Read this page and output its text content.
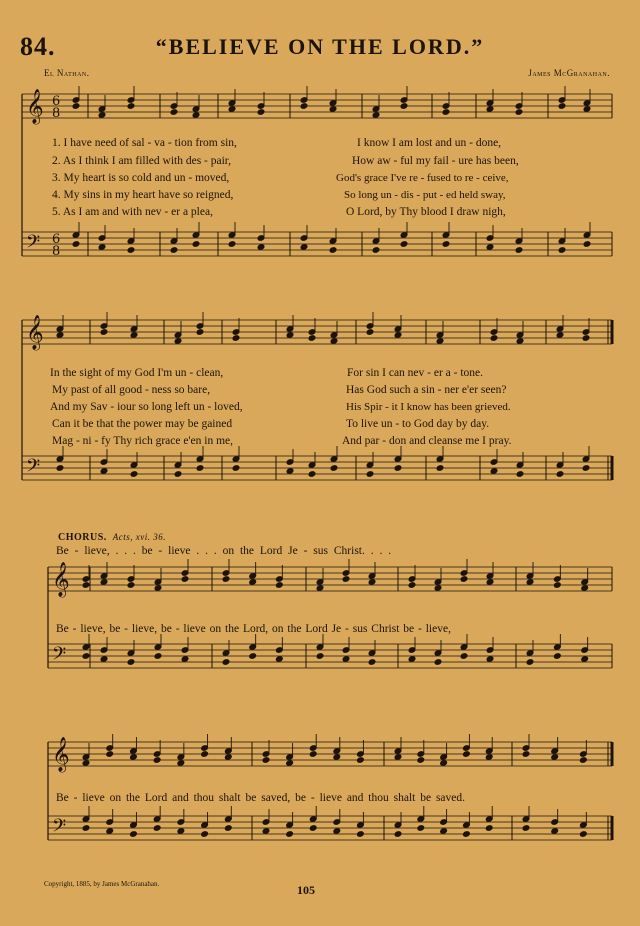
84.	“BELIEVE ON THE LORD.”
El Nathan.	James McGranahan.
𝄞
𝄢
6
8
6
8
𝄞
𝄢
𝄞
𝄢
𝄞
𝄢
1. I have need of sal - va - tion from sin,
2. As I think I am filled with des - pair,
3. My heart is so cold and un - moved,
4. My sins in my heart have so reigned,
5. As I am and with nev - er a plea,
I know I am lost and un - done,
How aw - ful my fail - ure has been,
God's grace I've re - fused to re - ceive,
So long un - dis - put - ed held sway,
O Lord, by Thy blood I draw nigh,
In the sight of my God I'm un - clean,
My past of all good - ness so bare,
And my Sav - iour so long left un - loved,
Can it be that the power may be gained
Mag - ni - fy Thy rich grace e'en in me,
For sin I can nev - er a - tone.
Has God such a sin - ner e'er seen?
His Spir - it I know has been grieved.
To live un - to God day by day.
And par - don and cleanse me I pray.
CHORUS. Acts, xvi. 36.
Be - lieve, . . . be - lieve . . . on the Lord Je - sus Christ. . . .
Be - lieve, be - lieve, be - lieve on the Lord, on the Lord Je - sus Christ be - lieve,
Be - lieve on the Lord and thou shalt be saved, be - lieve and thou shalt be saved.
Copyright, 1885, by James McGranahan.	105
